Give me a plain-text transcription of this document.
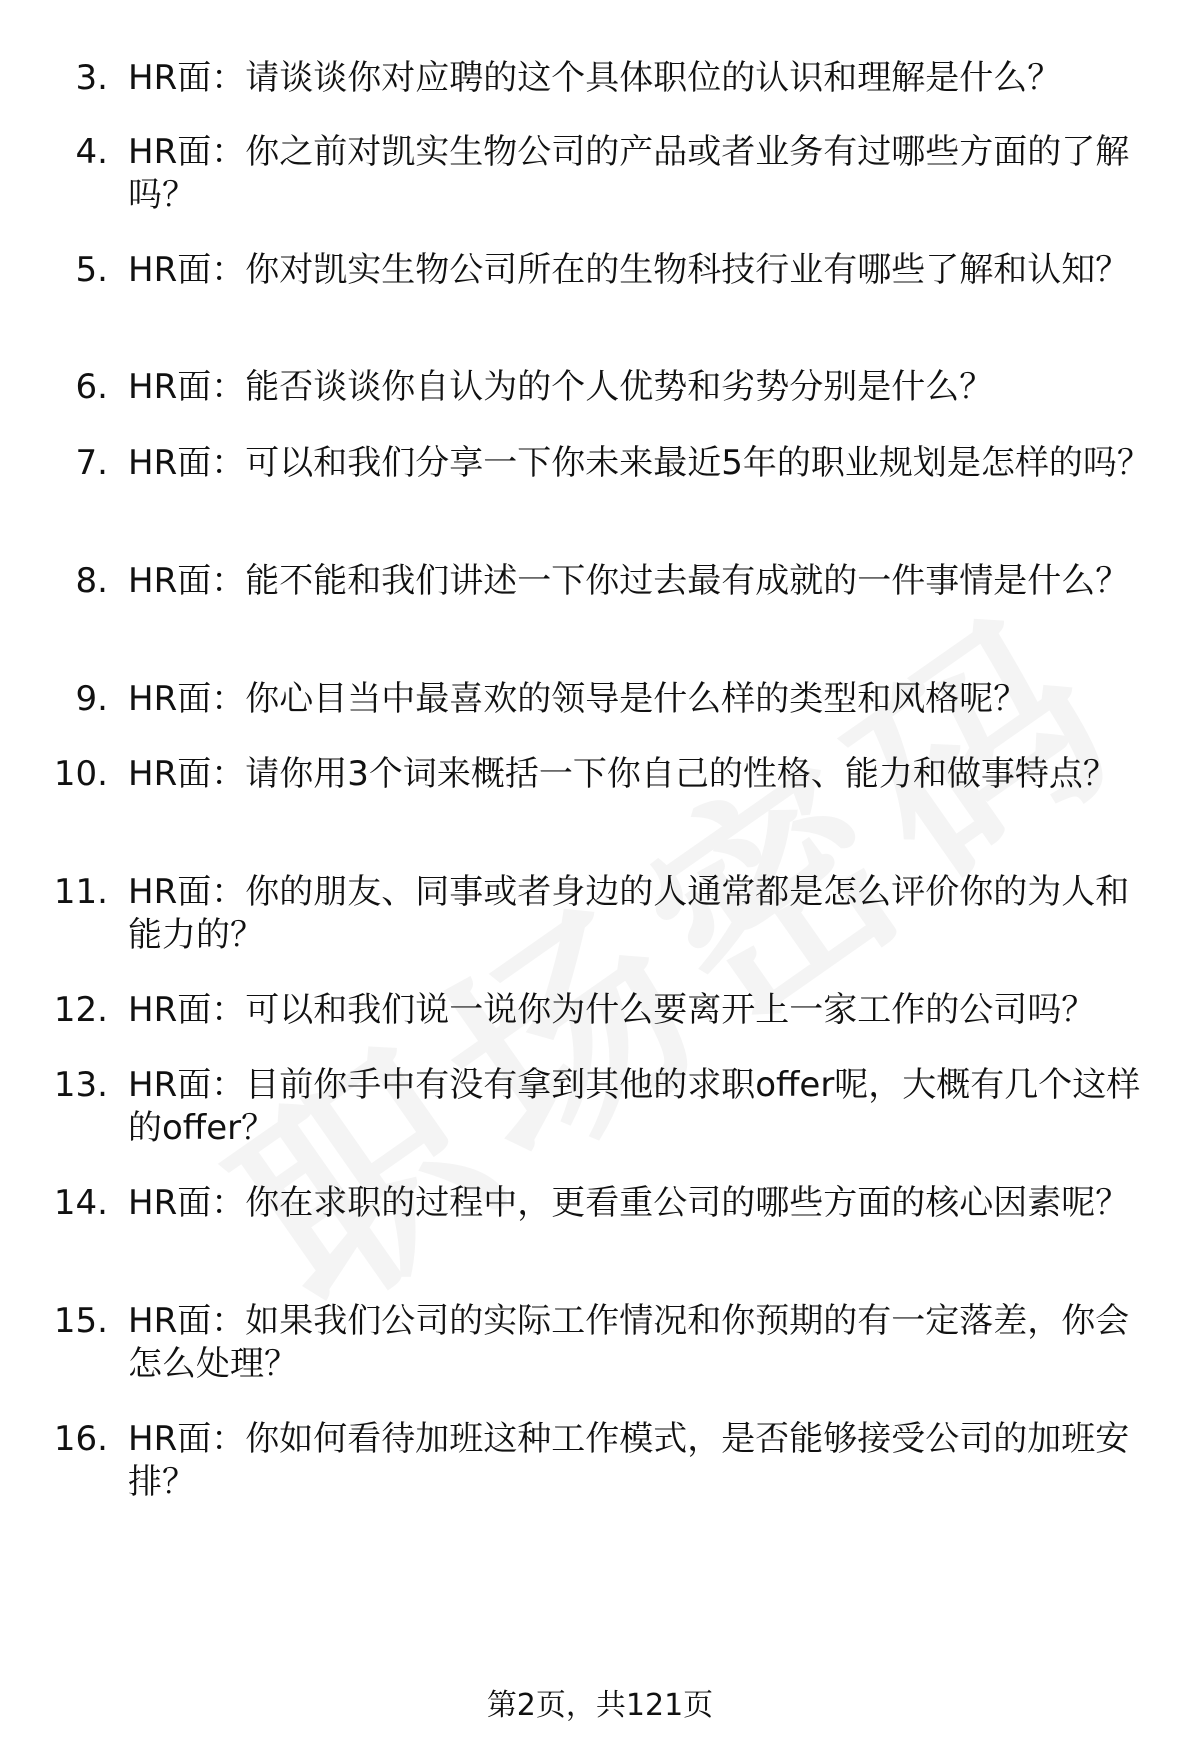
3. HR面：请谈谈你对应聘的这个具体职位的认识和理解是什么？
4. HR面：你之前对凯实生物公司的产品或者业务有过哪些方面的了解吗？
5. HR面：你对凯实生物公司所在的生物科技行业有哪些了解和认知？
6. HR面：能否谈谈你自认为的个人优势和劣势分别是什么？
7. HR面：可以和我们分享一下你未来最近5年的职业规划是怎样的吗？
8. HR面：能不能和我们讲述一下你过去最有成就的一件事情是什么？
9. HR面：你心目当中最喜欢的领导是什么样的类型和风格呢？
10. HR面：请你用3个词来概括一下你自己的性格、能力和做事特点？
11. HR面：你的朋友、同事或者身边的人通常都是怎么评价你的为人和能力的？
12. HR面：可以和我们说一说你为什么要离开上一家工作的公司吗？
13. HR面：目前你手中有没有拿到其他的求职offer呢，大概有几个这样的offer？
14. HR面：你在求职的过程中，更看重公司的哪些方面的核心因素呢？
15. HR面：如果我们公司的实际工作情况和你预期的有一定落差，你会怎么处理？
16. HR面：你如何看待加班这种工作模式，是否能够接受公司的加班安排？
第2页，共121页
